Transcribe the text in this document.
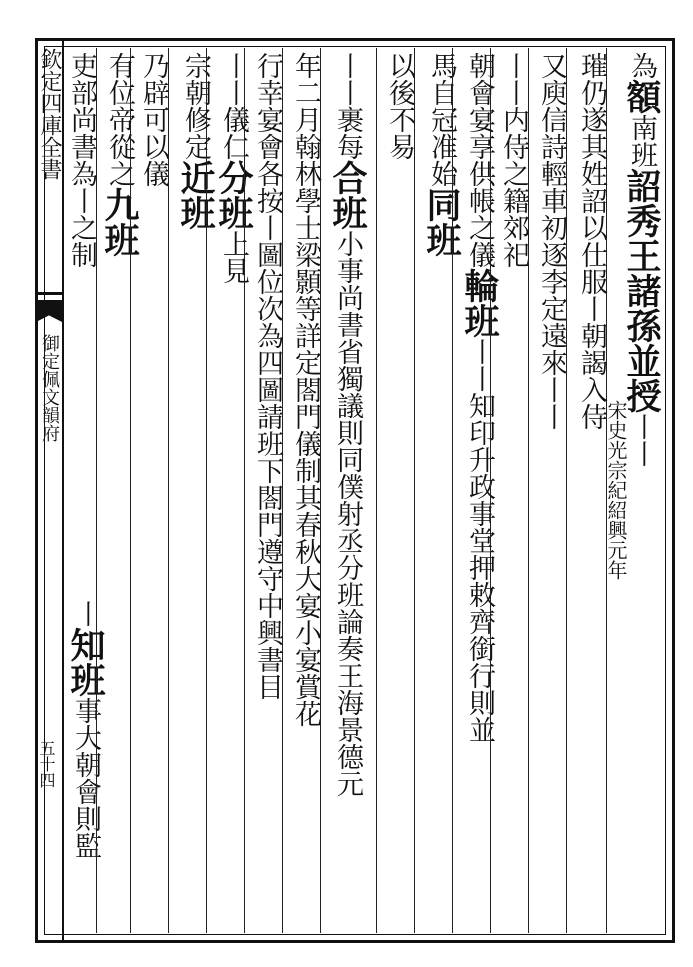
欽定四庫全書
御定佩文韻府
五十四
為額南班詔秀王諸孫並授丨丨
璀仍遂其姓詔以仕服丨朝謁入侍
又庾信詩輕車初逐李定遠來丨丨
丨丨内侍之籍郊祀
朝會宴享供帳之儀輪班丨丨知印升政事堂押敕齊銜行則並
馬自冠准始同班
以後不易
丨丨裹每合班小事尚書省獨議則同僕射丞分班論奏王海景德元
年二月翰林學士梁顥等詳定閤門儀制其春秋大宴小宴賞花
行幸宴會各按丨圖位次為四圖請班下閤門遵守中興書目
丨丨儀仁分班上見
宗朝修定近班
乃辟可以儀
有位帝從之九班
吏部尚書為丨之制
丨知班事大朝會則監
宋史光宗紀紹興元年
